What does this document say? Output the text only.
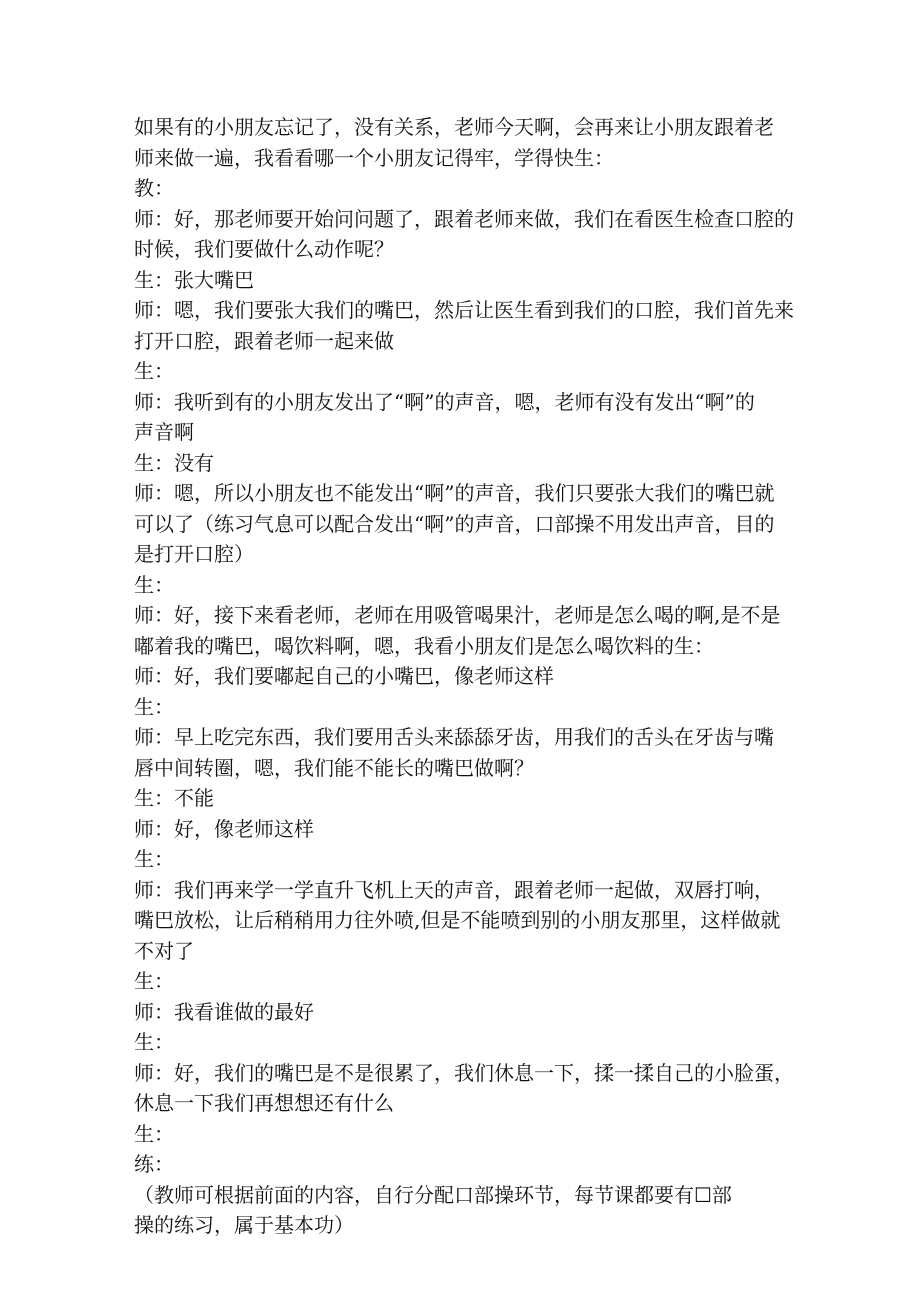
如果有的小朋友忘记了，没有关系，老师今天啊，会再来让小朋友跟着老
师来做一遍，我看看哪一个小朋友记得牢，学得快生：
教：
师：好，那老师要开始问问题了，跟着老师来做，我们在看医生检查口腔的
时候，我们要做什么动作呢？
生：张大嘴巴
师：嗯，我们要张大我们的嘴巴，然后让医生看到我们的口腔，我们首先来
打开口腔，跟着老师一起来做
生：
师：我听到有的小朋友发出了“啊”的声音，嗯，老师有没有发出“啊”的
声音啊
生：没有
师：嗯，所以小朋友也不能发出“啊”的声音，我们只要张大我们的嘴巴就
可以了（练习气息可以配合发出“啊”的声音，口部操不用发出声音，目的
是打开口腔）
生：
师：好，接下来看老师，老师在用吸管喝果汁，老师是怎么喝的啊,是不是
嘟着我的嘴巴，喝饮料啊，嗯，我看小朋友们是怎么喝饮料的生：
师：好，我们要嘟起自己的小嘴巴，像老师这样
生：
师：早上吃完东西，我们要用舌头来舔舔牙齿，用我们的舌头在牙齿与嘴
唇中间转圈，嗯，我们能不能长的嘴巴做啊？
生：不能
师：好，像老师这样
生：
师：我们再来学一学直升飞机上天的声音，跟着老师一起做，双唇打响，
嘴巴放松，让后稍稍用力往外喷,但是不能喷到别的小朋友那里，这样做就
不对了
生：
师：我看谁做的最好
生：
师：好，我们的嘴巴是不是很累了，我们休息一下，揉一揉自己的小脸蛋，
休息一下我们再想想还有什么
生：
练：
（教师可根据前面的内容，自行分配口部操环节，每节课都要有☐部
操的练习，属于基本功）
